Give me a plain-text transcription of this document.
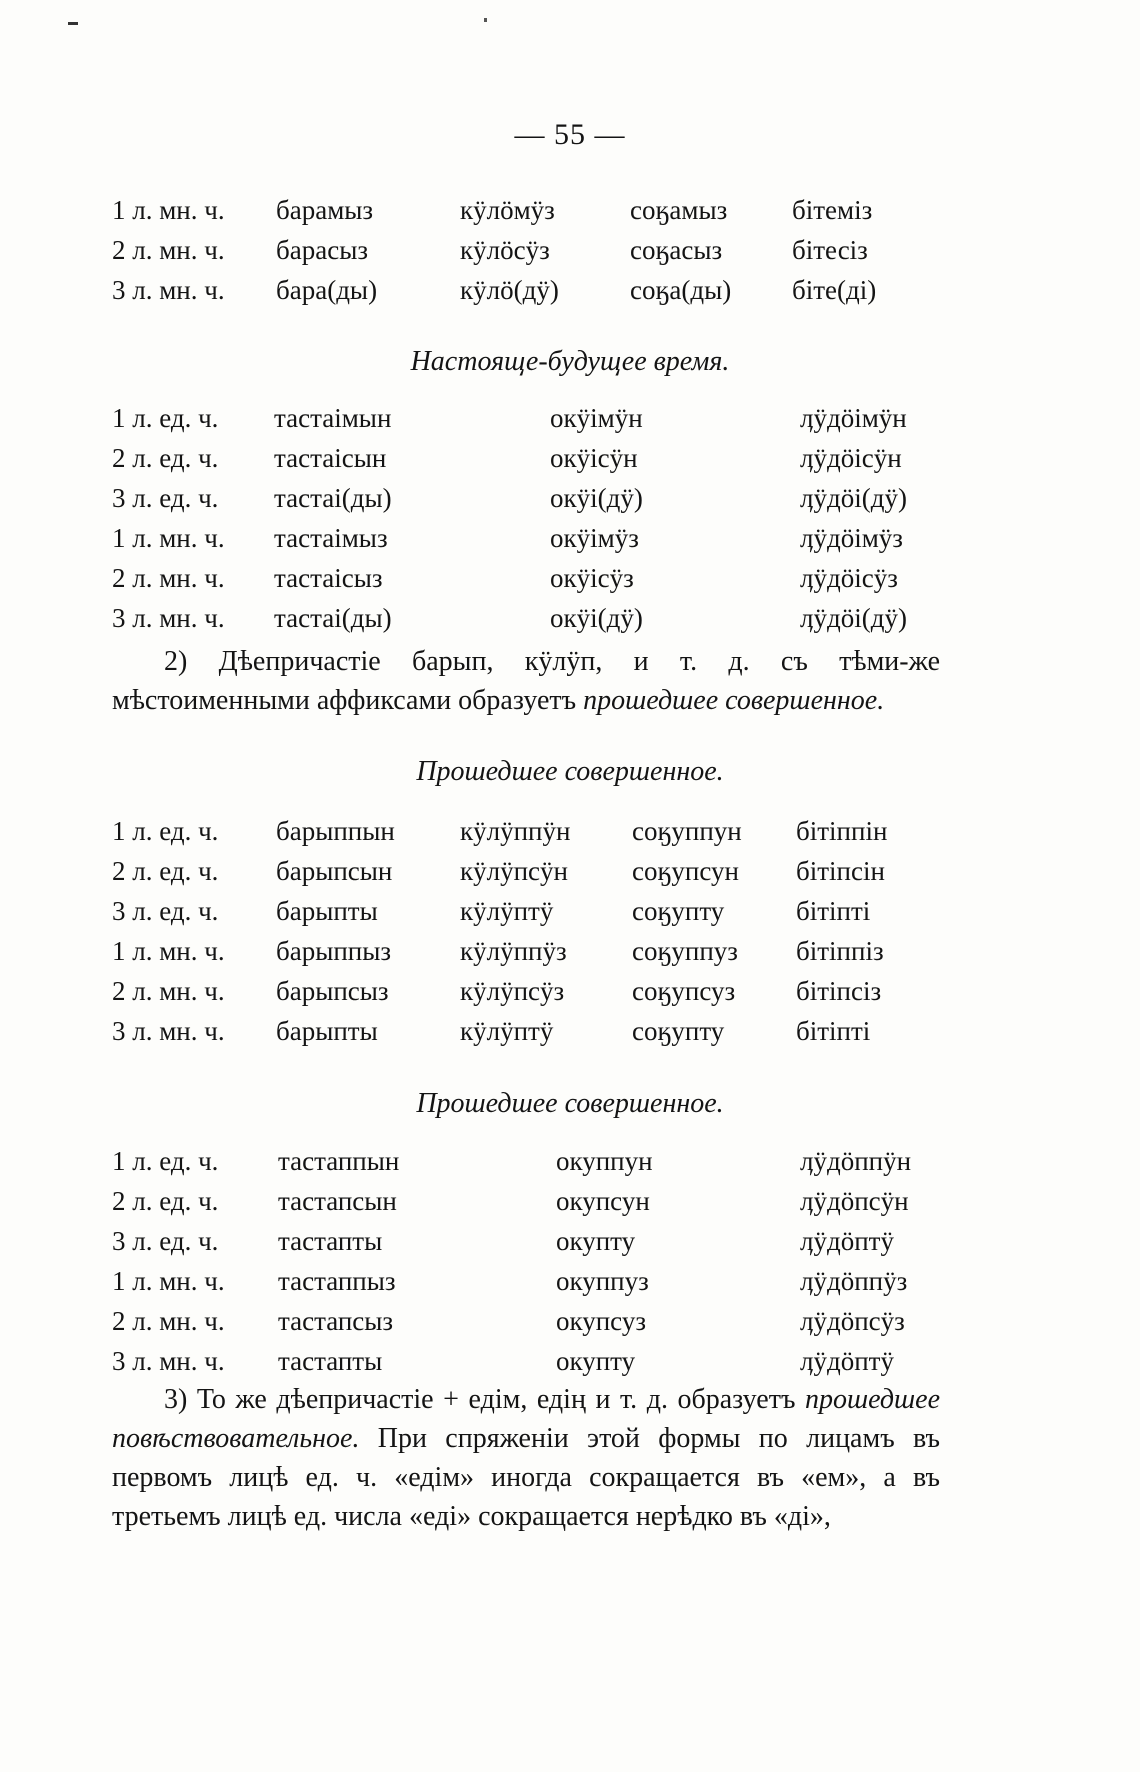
— 55 —
1 л. мн. ч. барамыз	кӱлӧмӱз	соӄамыз бітеміз
2 л. мн. ч. барасыз	кӱлӧсӱз	соӄасыз	бітесіз
3 л. мн. ч. бара(ды)	кӱлӧ(дӱ)	соӄа(ды) біте(ді)
Настояще-будущее время.
1 л. ед. ч. тастаімын	окӱімӱн	ӆӱдӧімӱн
2 л. ед. ч. тастаісын	окӱісӱн	ӆӱдӧісӱн
3 л. ед. ч. тастаі(ды)	окӱі(дӱ)	ӆӱдӧі(дӱ)
1 л. мн. ч. тастаімыз	окӱімӱз	ӆӱдӧімӱз
2 л. мн. ч. тастаісыз	окӱісӱз	ӆӱдӧісӱз
3 л. мн. ч. тастаі(ды)	окӱі(дӱ)	ӆӱдӧі(дӱ)

2) Дѣепричастіе барып, кӱлӱп, и т. д. съ тѣми-же мѣстоименными аффиксами образуетъ прошедшее совершенное.

Прошедшее совершенное.
1 л. ед. ч. барыппын кӱлӱппӱн соӄуппун бітіппін
2 л. ед. ч. барыпсын	кӱлӱпсӱн соӄупсун бітіпсін
3 л. ед. ч. барыпты	кӱлӱптӱ	соӄупту	бітіпті
1 л. мн. ч. барыппыз	кӱлӱппӱз соӄуппуз бітіппіз
2 л. мн. ч. барыпсыз	кӱлӱпсӱз	соӄупсуз бітіпсіз
3 л. мн. ч. барыпты	кӱлӱптӱ	соӄупту	бітіпті
Прошедшее совершенное.
1 л. ед. ч. тастаппын	окуппун	ӆӱдӧппӱн
2 л. ед. ч. тастапсын	окупсун	ӆӱдӧпсӱн
3 л. ед. ч. тастапты	окупту	ӆӱдӧптӱ
1 л. мн. ч. тастаппыз	окуппуз	ӆӱдӧппӱз
2 л. мн. ч. тастапсыз	окупсуз	ӆӱдӧпсӱз
3 л. мн. ч. тастапты	окупту	ӆӱдӧптӱ

3) То же дѣепричастіе + едім, едің и т. д. образуетъ прошедшее повѣствовательное. При спряженіи этой формы по лицамъ въ первомъ лицѣ ед. ч. «едім» иногда сокращается въ «ем», а въ третьемъ лицѣ ед. числа «еді» сокращается нерѣдко въ «ді»,
